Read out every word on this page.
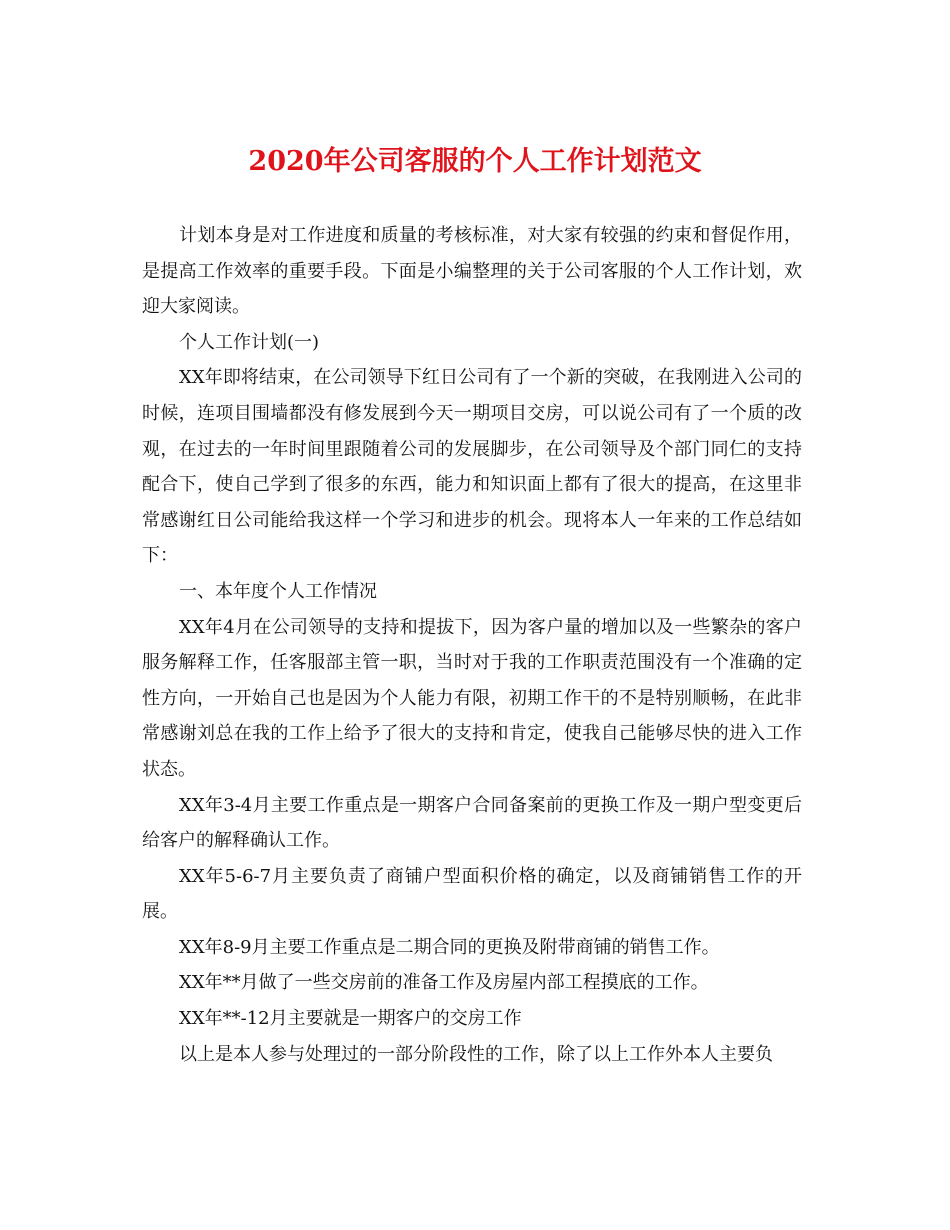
2020年公司客服的个人工作计划范文

计划本身是对工作进度和质量的考核标准，对大家有较强的约束和督促作用，是提高工作效率的重要手段。下面是小编整理的关于公司客服的个人工作计划，欢迎大家阅读。

个人工作计划(一)

XX年即将结束，在公司领导下红日公司有了一个新的突破，在我刚进入公司的时候，连项目围墙都没有修发展到今天一期项目交房，可以说公司有了一个质的改观，在过去的一年时间里跟随着公司的发展脚步，在公司领导及个部门同仁的支持配合下，使自己学到了很多的东西，能力和知识面上都有了很大的提高，在这里非常感谢红日公司能给我这样一个学习和进步的机会。现将本人一年来的工作总结如下：

一、本年度个人工作情况

XX年4月在公司领导的支持和提拔下，因为客户量的增加以及一些繁杂的客户服务解释工作，任客服部主管一职，当时对于我的工作职责范围没有一个准确的定性方向，一开始自己也是因为个人能力有限，初期工作干的不是特别顺畅，在此非常感谢刘总在我的工作上给予了很大的支持和肯定，使我自己能够尽快的进入工作状态。

XX年3-4月主要工作重点是一期客户合同备案前的更换工作及一期户型变更后给客户的解释确认工作。

XX年5-6-7月主要负责了商铺户型面积价格的确定，以及商铺销售工作的开展。

XX年8-9月主要工作重点是二期合同的更换及附带商铺的销售工作。

XX年**月做了一些交房前的准备工作及房屋内部工程摸底的工作。

XX年**-12月主要就是一期客户的交房工作

以上是本人参与处理过的一部分阶段性的工作，除了以上工作外本人主要负
